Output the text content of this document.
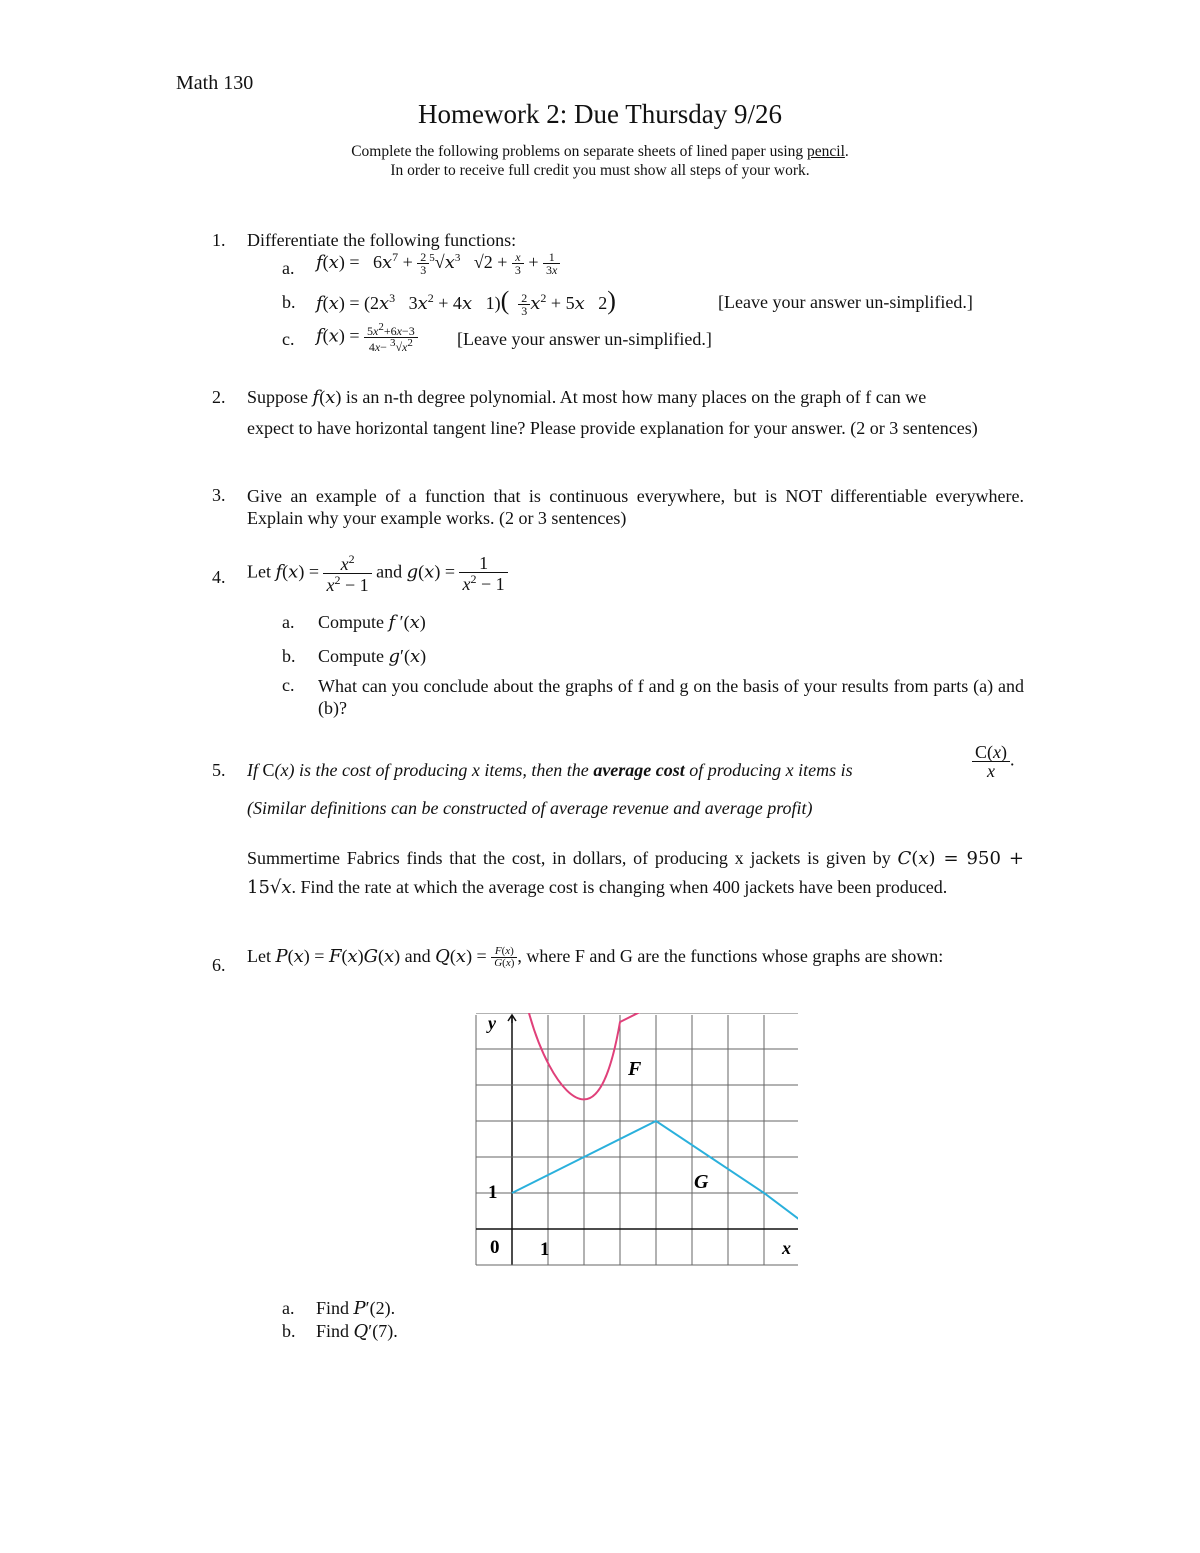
Math 130
Homework 2: Due Thursday 9/26
Complete the following problems on separate sheets of lined paper using pencil.
In order to receive full credit you must show all steps of your work.
1. Differentiate the following functions:
a. $f(x) = 6x^7 + \frac{2}{3} ^5√x^3$   $√2 + \frac{x}{3} + \frac{1}{3x}$
b. $f(x) = (2x^3$   $3x^2 + 4x$   $1)( \frac{2}{3} x^2 + 5x$   2)	[Leave your answer un-simplified.]
c. $f(x) = \frac{5x^2+6x-3}{4x- ^3√x^2}$ [Leave your answer un-simplified.]
2. Suppose f(x) is an n-th degree polynomial. At most how many places on the graph of f can we
expect to have horizontal tangent line? Please provide explanation for your answer. (2 or 3 sentences)
3. Give an example of a function that is continuous everywhere, but is NOT differentiable everywhere. Explain why your example works. (2 or 3 sentences)
4. Let $f(x) = \frac{x^2}{x^2 - 1}$ and $g(x) = \frac{1}{x^2 - 1}$
a. Compute f ′(x)
b. Compute g′(x)
c. What can you conclude about the graphs of f and g on the basis of your results from parts (a) and (b)?
5. If C(x) is the cost of producing x items, then the average cost of producing x items is	$\frac{C(x)}{x}$ .
(Similar definitions can be constructed of average revenue and average profit)
Summertime Fabrics finds that the cost, in dollars, of producing x jackets is given by C(x) = 950 + 15√x. Find the rate at which the average cost is changing when 400 jackets have been produced.
6. Let P(x) = F(x)G(x) and $Q(x) = \frac{F(x)}{G(x)}$ , where F and G are the functions whose graphs are shown:
y
x
0 1
1
F
G
a. Find P′(2).
b. Find Q′(7).
